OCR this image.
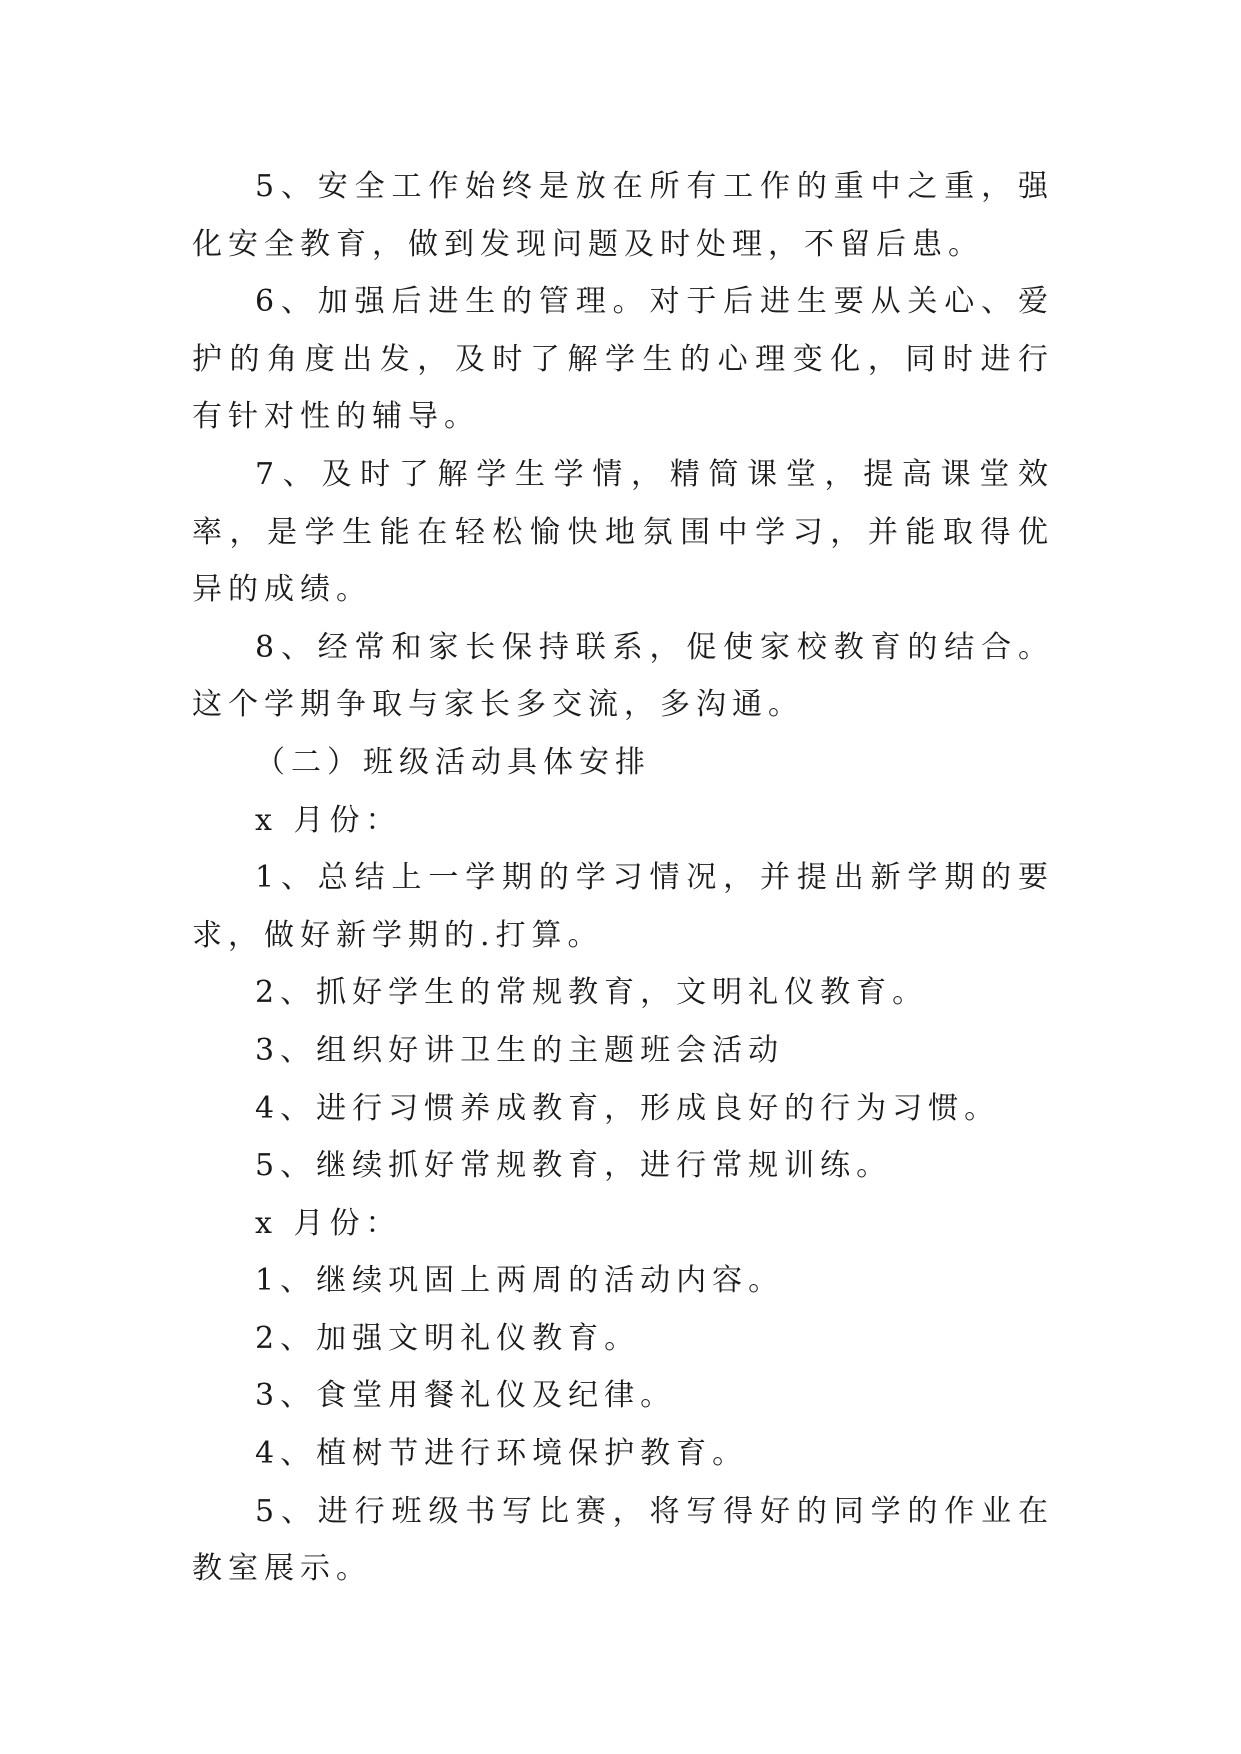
5、安全工作始终是放在所有工作的重中之重，强化安全教育，做到发现问题及时处理，不留后患。

6、加强后进生的管理。对于后进生要从关心、爱护的角度出发，及时了解学生的心理变化，同时进行有针对性的辅导。

7、及时了解学生学情，精简课堂，提高课堂效率，是学生能在轻松愉快地氛围中学习，并能取得优异的成绩。

8、经常和家长保持联系，促使家校教育的结合。这个学期争取与家长多交流，多沟通。

（二）班级活动具体安排

x 月份：

1、总结上一学期的学习情况，并提出新学期的要求，做好新学期的.打算。

2、抓好学生的常规教育，文明礼仪教育。

3、组织好讲卫生的主题班会活动

4、进行习惯养成教育，形成良好的行为习惯。

5、继续抓好常规教育，进行常规训练。

x 月份：

1、继续巩固上两周的活动内容。

2、加强文明礼仪教育。

3、食堂用餐礼仪及纪律。

4、植树节进行环境保护教育。

5、进行班级书写比赛，将写得好的同学的作业在教室展示。
